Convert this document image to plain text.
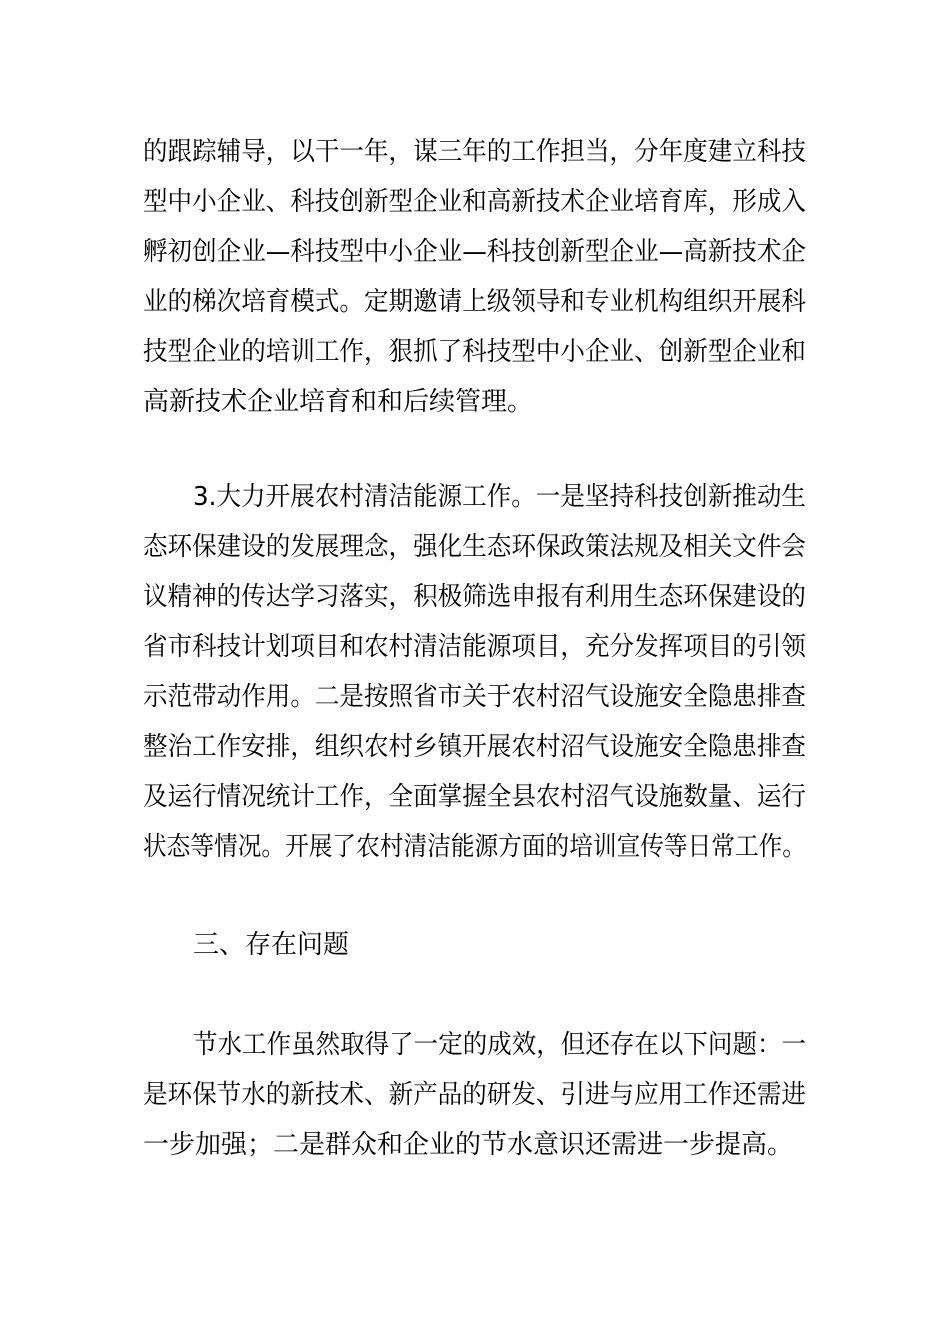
的跟踪辅导，以干一年，谋三年的工作担当，分年度建立科技
型中小企业、科技创新型企业和高新技术企业培育库，形成入
孵初创企业—科技型中小企业—科技创新型企业—高新技术企
业的梯次培育模式。定期邀请上级领导和专业机构组织开展科
技型企业的培训工作，狠抓了科技型中小企业、创新型企业和
高新技术企业培育和和后续管理。
3.大力开展农村清洁能源工作。一是坚持科技创新推动生
态环保建设的发展理念，强化生态环保政策法规及相关文件会
议精神的传达学习落实，积极筛选申报有利用生态环保建设的
省市科技计划项目和农村清洁能源项目，充分发挥项目的引领
示范带动作用。二是按照省市关于农村沼气设施安全隐患排查
整治工作安排，组织农村乡镇开展农村沼气设施安全隐患排查
及运行情况统计工作，全面掌握全县农村沼气设施数量、运行
状态等情况。开展了农村清洁能源方面的培训宣传等日常工作。
三、存在问题
节水工作虽然取得了一定的成效，但还存在以下问题：一
是环保节水的新技术、新产品的研发、引进与应用工作还需进
一步加强；二是群众和企业的节水意识还需进一步提高。
